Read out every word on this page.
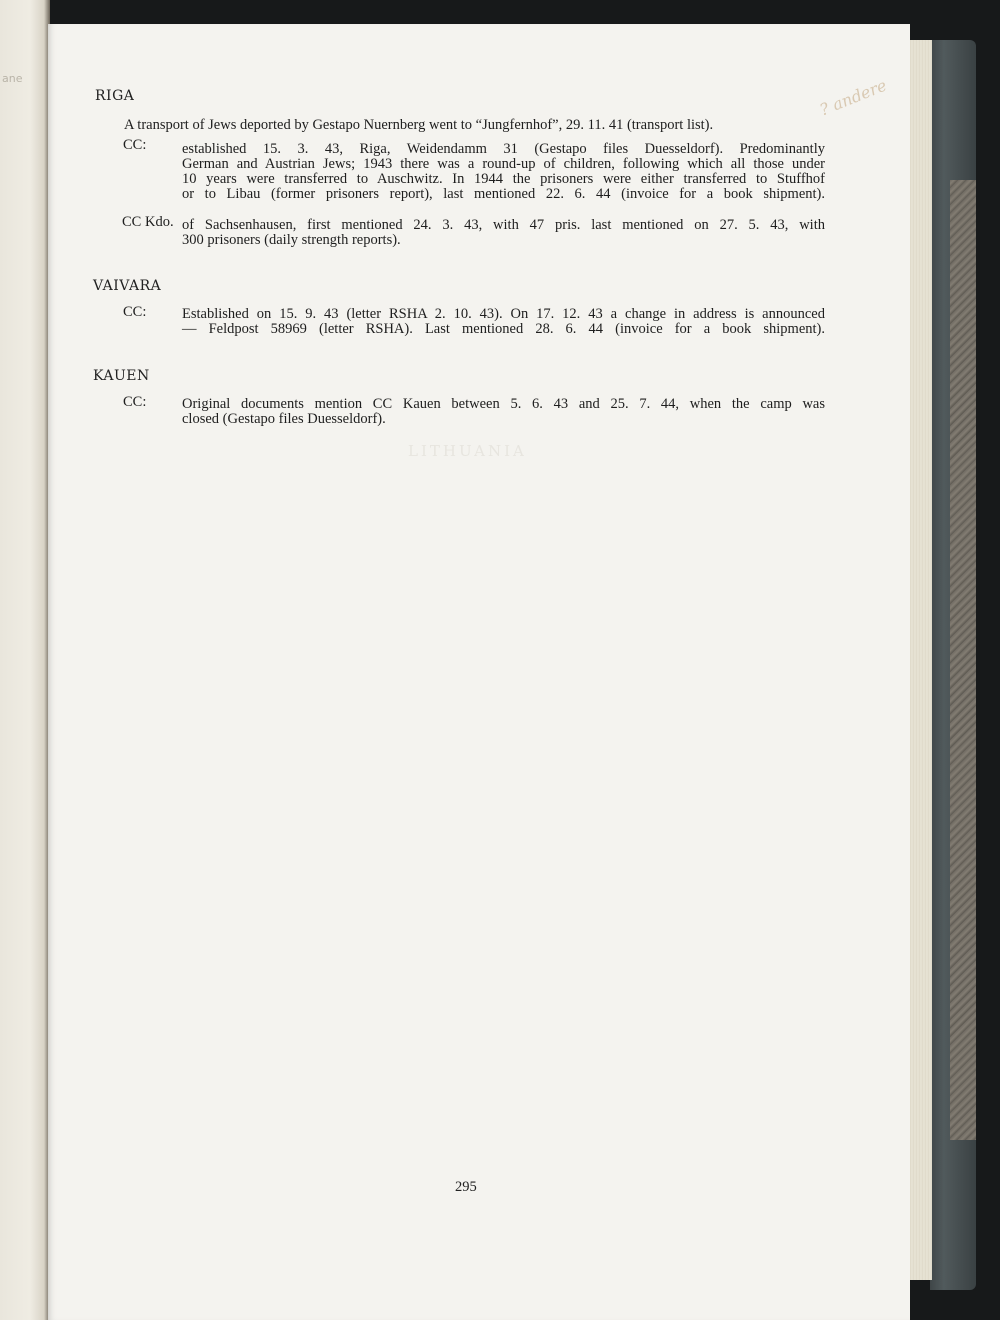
ane
LITHUANIA
? andere
RIGA
A transport of Jews deported by Gestapo Nuernberg went to “Jungfernhof”, 29. 11. 41 (transport list).
CC: established 15. 3. 43, Riga, Weidendamm 31 (Gestapo files Duesseldorf). Predominantly
German and Austrian Jews; 1943 there was a round-up of children, following which all those under
10 years were transferred to Auschwitz. In 1944 the prisoners were either transferred to Stuffhof
or to Libau (former prisoners report), last mentioned 22. 6. 44 (invoice for a book shipment).
CC Kdo. of Sachsenhausen, first mentioned 24. 3. 43, with 47 pris. last mentioned on 27. 5. 43, with
300 prisoners (daily strength reports).
VAIVARA
CC: Established on 15. 9. 43 (letter RSHA 2. 10. 43). On 17. 12. 43 a change in address is announced
— Feldpost 58969 (letter RSHA). Last mentioned 28. 6. 44 (invoice for a book shipment).
KAUEN
CC: Original documents mention CC Kauen between 5. 6. 43 and 25. 7. 44, when the camp was
closed (Gestapo files Duesseldorf).
295
